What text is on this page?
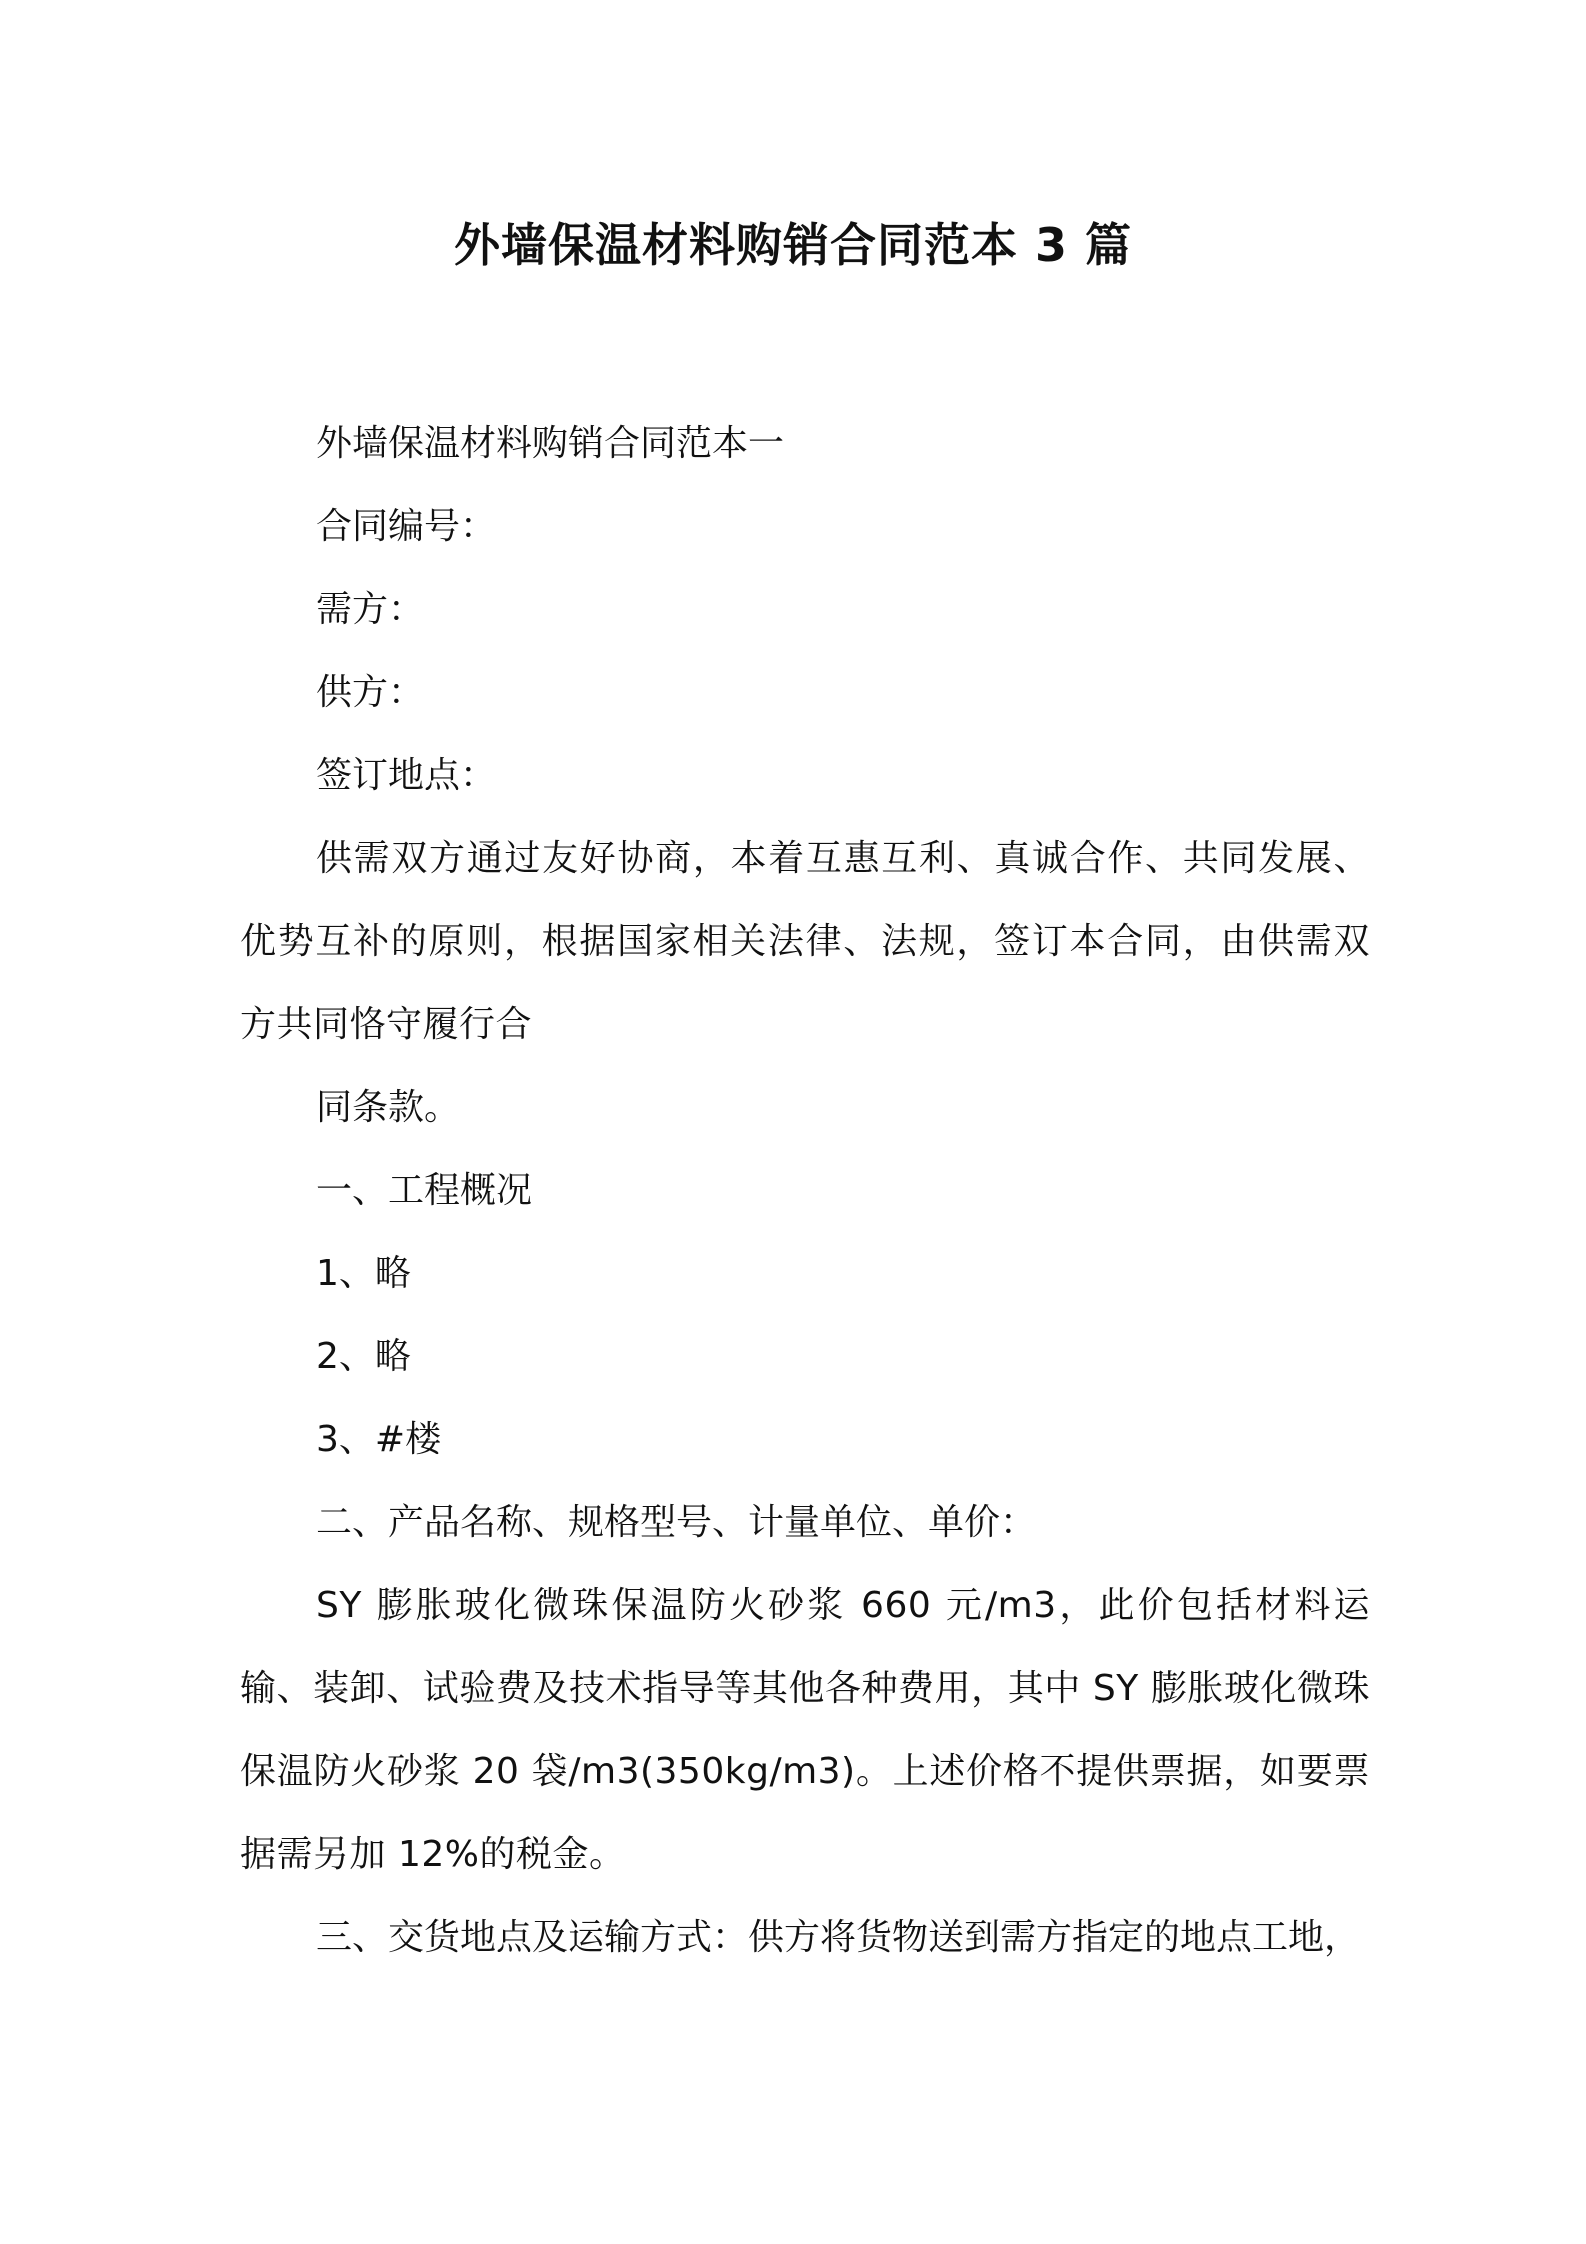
外墙保温材料购销合同范本 3 篇

外墙保温材料购销合同范本一

合同编号：

需方：

供方：

签订地点：

供需双方通过友好协商，本着互惠互利、真诚合作、共同发展、优势互补的原则，根据国家相关法律、法规，签订本合同，由供需双方共同恪守履行合

同条款。

一、工程概况

1、略

2、略

3、#楼

二、产品名称、规格型号、计量单位、单价：

SY 膨胀玻化微珠保温防火砂浆 660 元/m3，此价包括材料运输、装卸、试验费及技术指导等其他各种费用，其中 SY 膨胀玻化微珠保温防火砂浆 20 袋/m3(350kg/m3)。上述价格不提供票据，如要票据需另加 12%的税金。

三、交货地点及运输方式：供方将货物送到需方指定的地点工地，
